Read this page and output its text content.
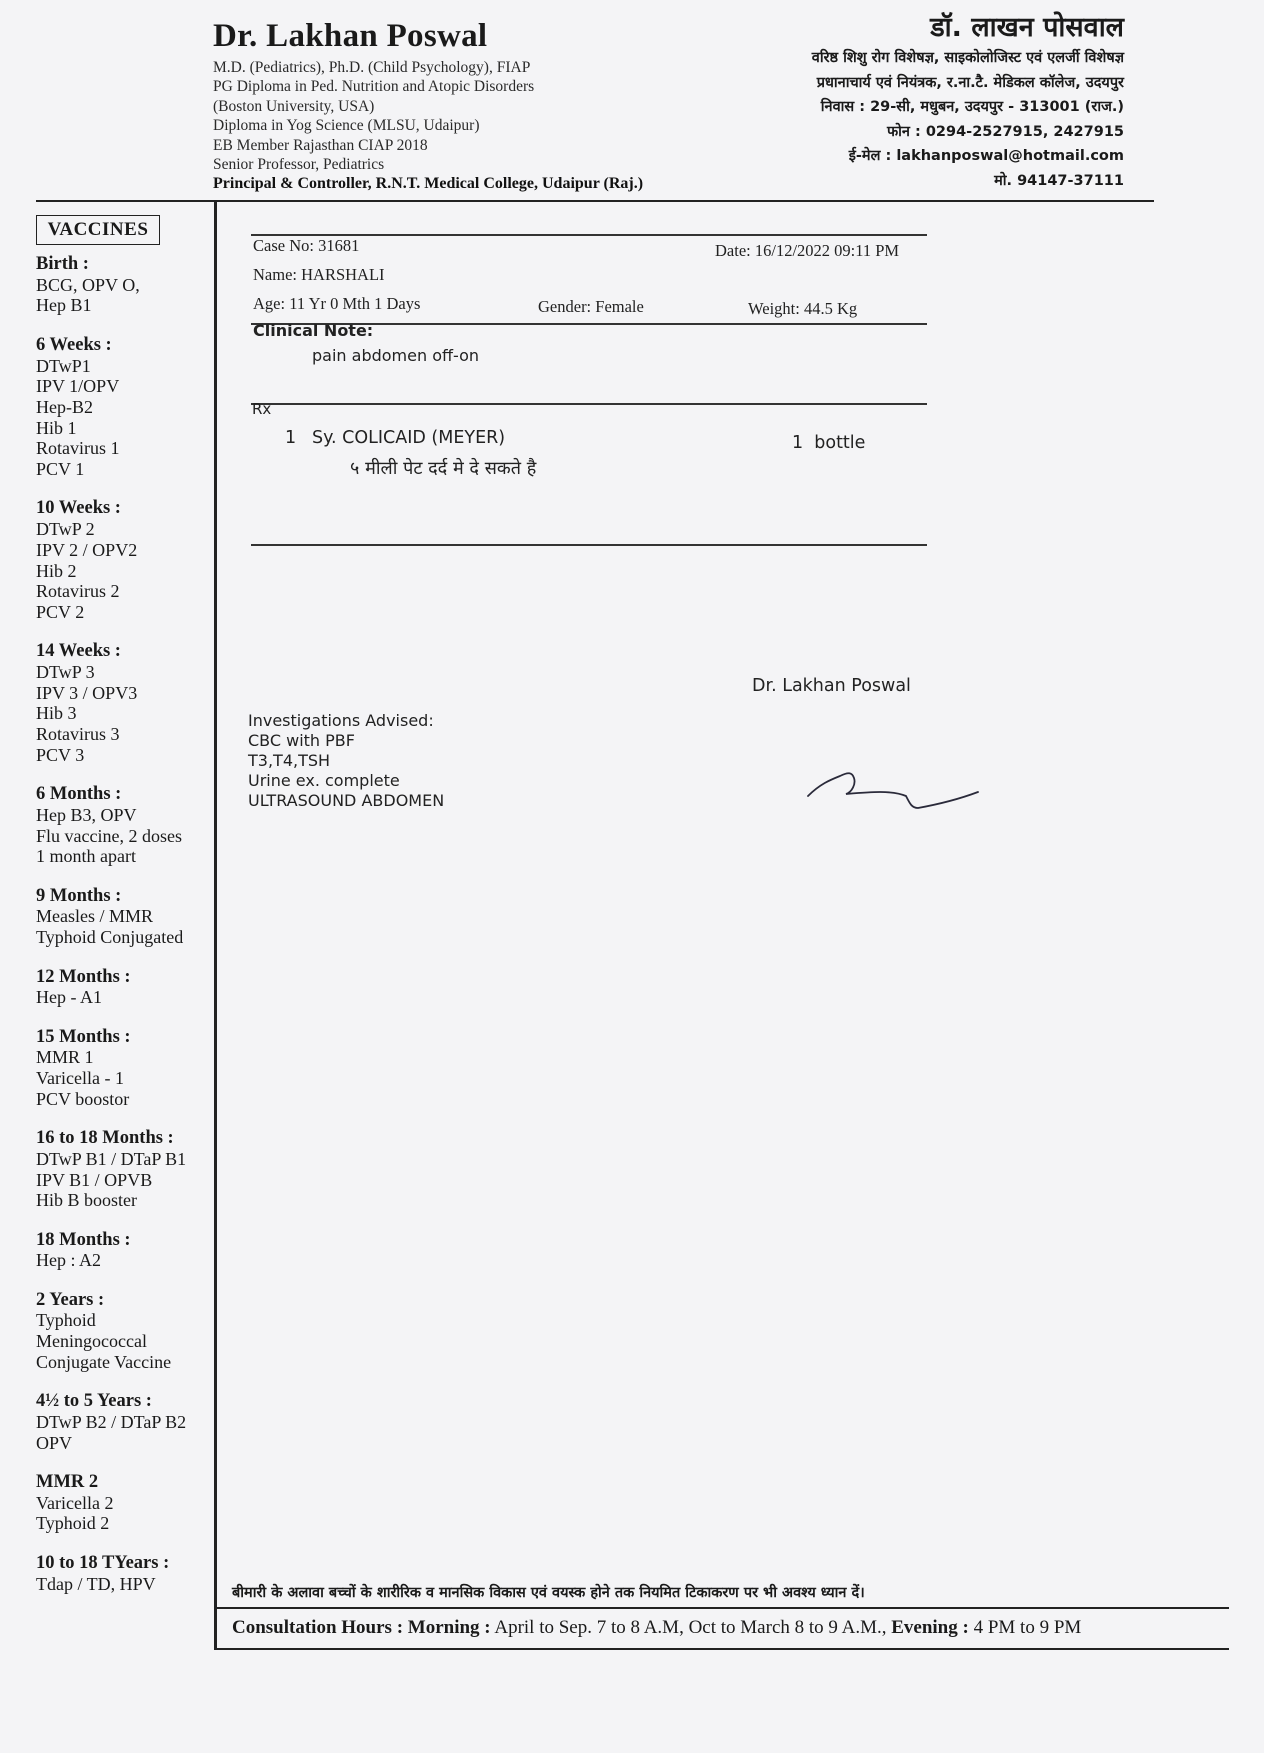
Dr. Lakhan Poswal
M.D. (Pediatrics), Ph.D. (Child Psychology), FIAP
PG Diploma in Ped. Nutrition and Atopic Disorders
(Boston University, USA)
Diploma in Yog Science (MLSU, Udaipur)
EB Member Rajasthan CIAP 2018
Senior Professor, Pediatrics
Principal & Controller, R.N.T. Medical College, Udaipur (Raj.)
डॉ. लाखन पोसवाल
वरिष्ठ शिशु रोग विशेषज्ञ, साइकोलोजिस्ट एवं एलर्जी विशेषज्ञ
प्रधानाचार्य एवं नियंत्रक, र.ना.टै. मेडिकल कॉलेज, उदयपुर
निवास : 29-सी, मधुबन, उदयपुर - 313001 (राज.)
फोन : 0294-2527915, 2427915
ई-मेल : lakhanposwal@hotmail.com
मो. 94147-37111
VACCINES
Birth :
BCG, OPV O,
Hep B1
6 Weeks :
DTwP1
IPV 1/OPV
Hep-B2
Hib 1
Rotavirus 1
PCV 1
10 Weeks :
DTwP 2
IPV 2 / OPV2
Hib 2
Rotavirus 2
PCV 2
14 Weeks :
DTwP 3
IPV 3 / OPV3
Hib 3
Rotavirus 3
PCV 3
6 Months :
Hep B3, OPV
Flu vaccine, 2 doses
1 month apart
9 Months :
Measles / MMR
Typhoid Conjugated
12 Months :
Hep - A1
15 Months :
MMR 1
Varicella - 1
PCV boostor
16 to 18 Months :
DTwP B1 / DTaP B1
IPV B1 / OPVB
Hib B booster
18 Months :
Hep : A2
2 Years :
Typhoid
Meningococcal
Conjugate Vaccine
4½ to 5 Years :
DTwP B2 / DTaP B2
OPV
MMR 2
Varicella 2
Typhoid 2
10 to 18 TYears :
Tdap / TD, HPV
Case No: 31681	Date: 16/12/2022 09:11 PM
Name: HARSHALI
Age: 11 Yr 0 Mth 1 Days	Gender: Female	Weight: 44.5 Kg
Clinical Note:
pain abdomen off-on
Rx
1 Sy. COLICAID (MEYER)	1  bottle
५ मीली पेट दर्द मे दे सकते है
Dr. Lakhan Poswal
Investigations Advised:
CBC with PBF
T3,T4,TSH
Urine ex. complete
ULTRASOUND ABDOMEN
बीमारी के अलावा बच्चों के शारीरिक व मानसिक विकास एवं वयस्क होने तक नियमित टिकाकरण पर भी अवश्य ध्यान दें।
Consultation Hours : Morning : April to Sep. 7 to 8 A.M, Oct to March 8 to 9 A.M., Evening : 4 PM to 9 PM
